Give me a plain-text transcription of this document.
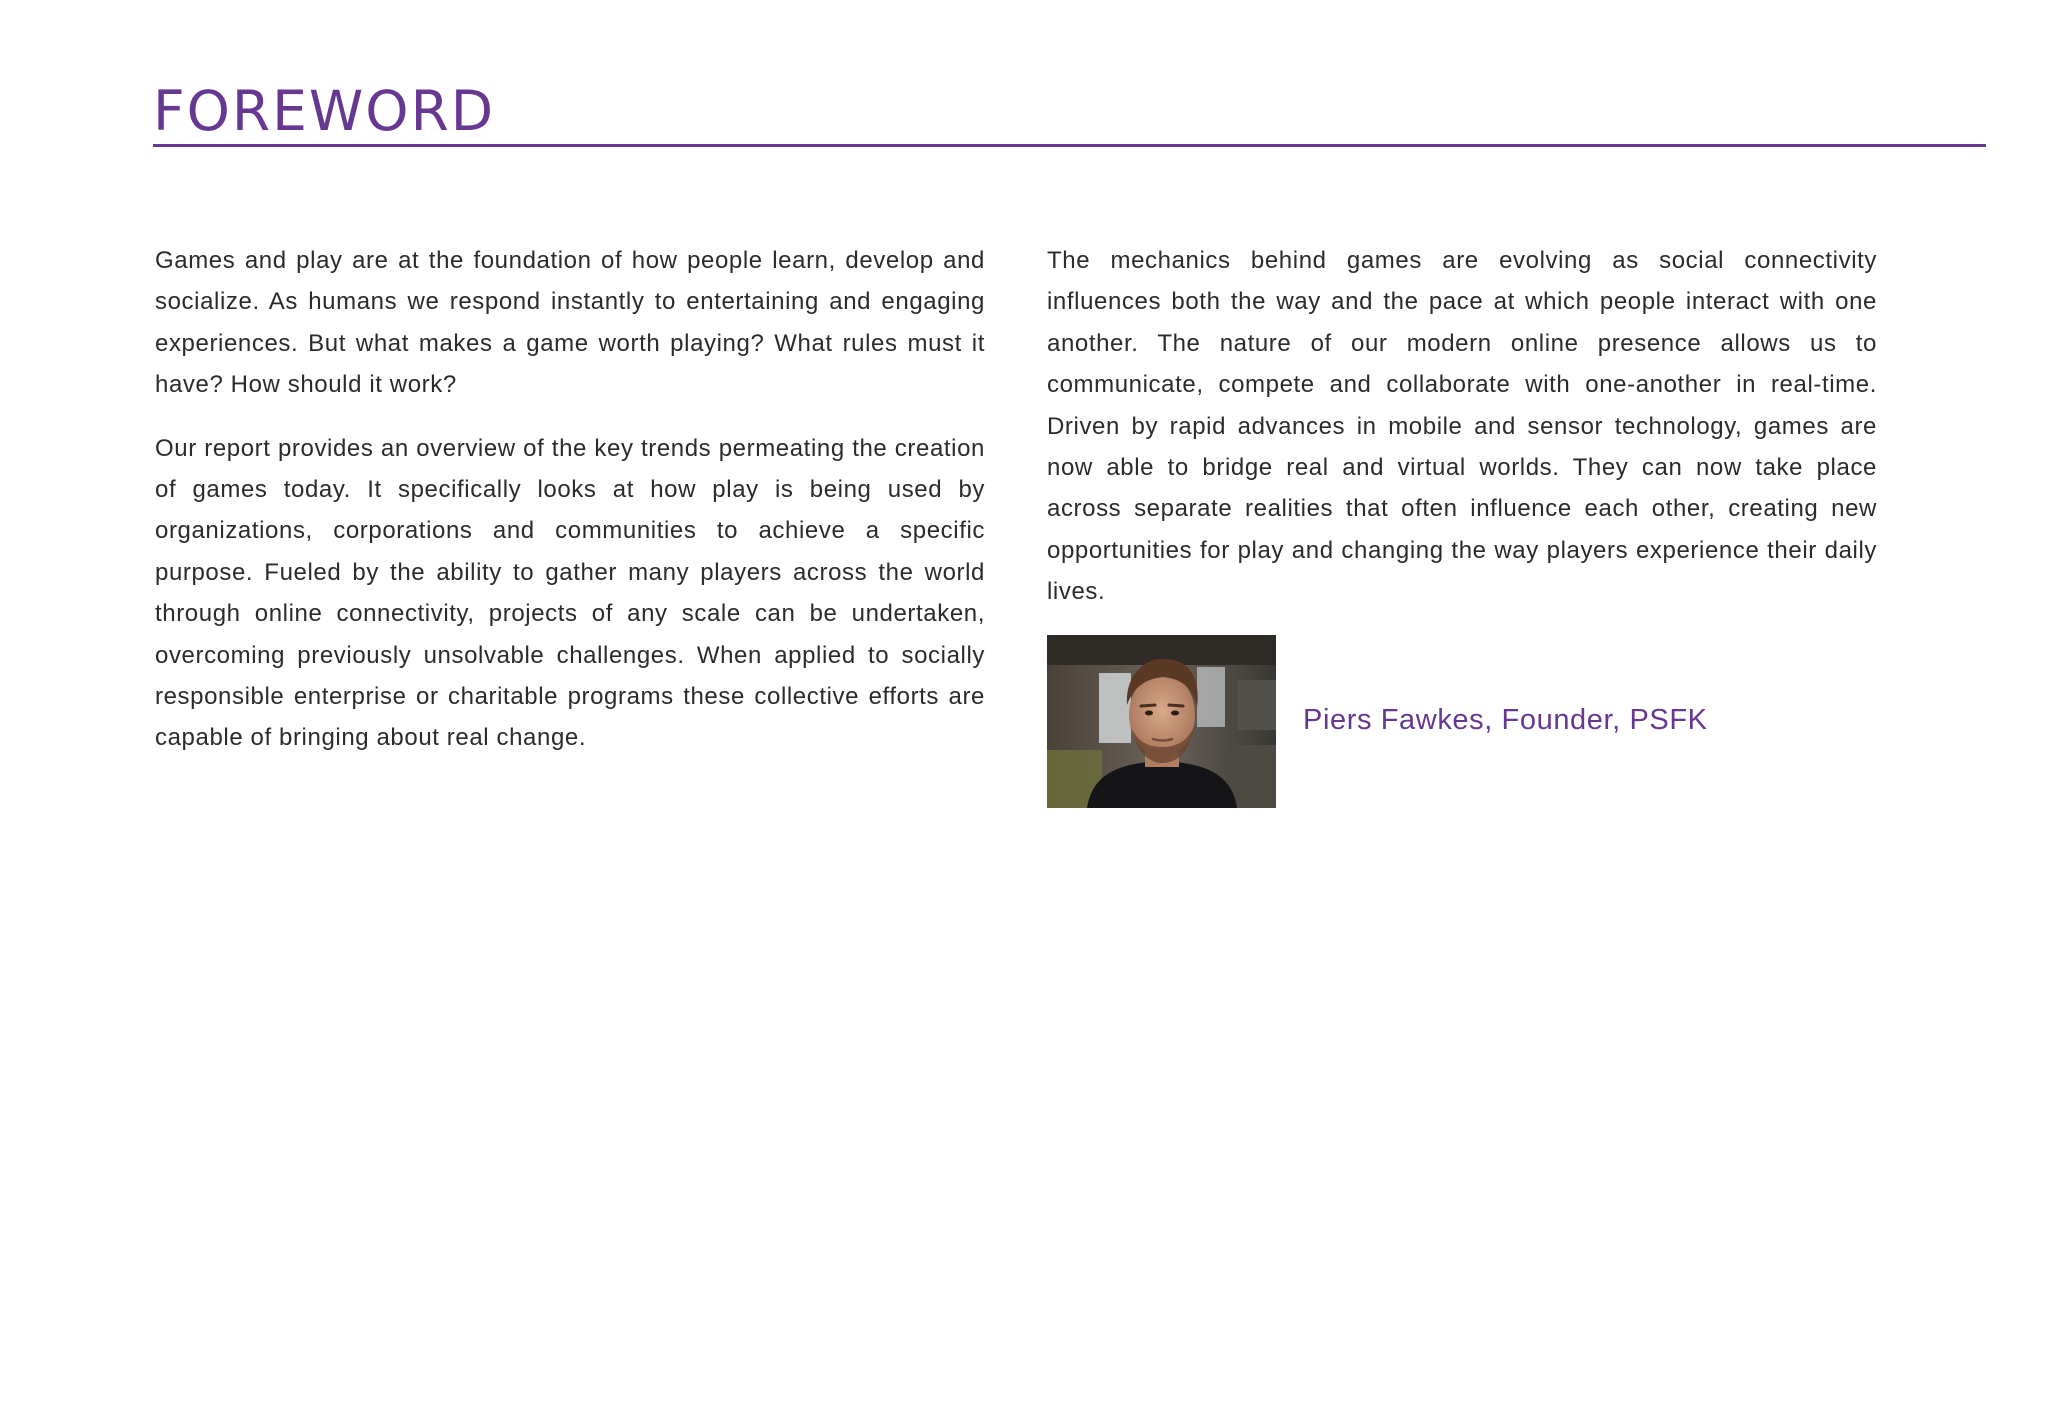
FOREWORD

Games and play are at the foundation of how people learn, develop and socialize. As humans we respond instantly to entertaining and engaging experiences. But what makes a game worth playing? What rules must it have? How should it work?

Our report provides an overview of the key trends permeating the creation of games today. It specifically looks at how play is being used by organizations, corporations and communities to achieve a specific purpose. Fueled by the ability to gather many players across the world through online connectivity, projects of any scale can be undertaken, overcoming previously unsolvable challenges. When applied to socially responsible enterprise or charitable programs these collective efforts are capable of bringing about real change.

The mechanics behind games are evolving as social connectivity influences both the way and the pace at which people interact with one another. The nature of our modern online presence allows us to communicate, compete and collaborate with one-another in real-time. Driven by rapid advances in mobile and sensor technology, games are now able to bridge real and virtual worlds. They can now take place across separate realities that often influence each other, creating new opportunities for play and changing the way players experience their daily lives.

Piers Fawkes, Founder, PSFK
